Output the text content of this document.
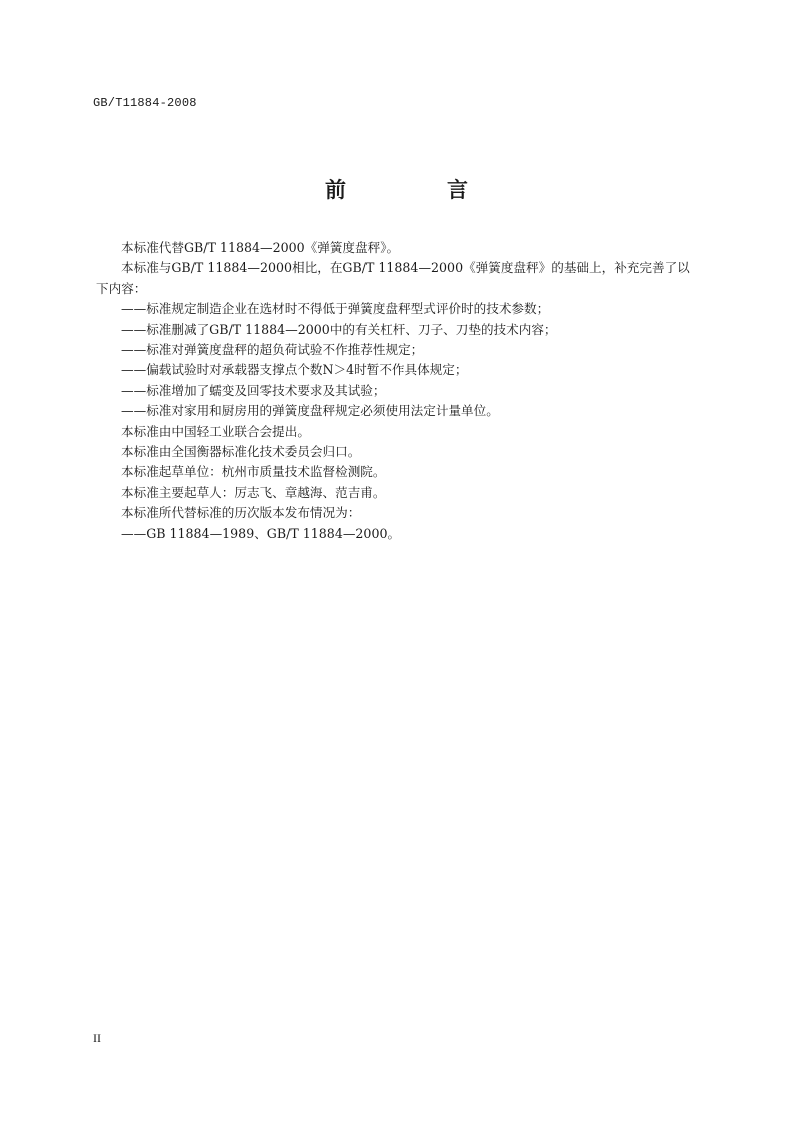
GB/T11884-2008
前　言

本标准代替GB/T 11884—2000《弹簧度盘秤》。

本标准与GB/T 11884—2000相比，在GB/T 11884—2000《弹簧度盘秤》的基础上，补充完善了以

下内容：

——标准规定制造企业在选材时不得低于弹簧度盘秤型式评价时的技术参数；

——标准删减了GB/T 11884—2000中的有关杠杆、刀子、刀垫的技术内容；

——标准对弹簧度盘秤的超负荷试验不作推荐性规定；

——偏载试验时对承载器支撑点个数N＞4时暂不作具体规定；

——标准增加了蠕变及回零技术要求及其试验；

——标准对家用和厨房用的弹簧度盘秤规定必须使用法定计量单位。

本标准由中国轻工业联合会提出。

本标准由全国衡器标准化技术委员会归口。

本标准起草单位：杭州市质量技术监督检测院。

本标准主要起草人：厉志飞、章越海、范吉甫。

本标准所代替标准的历次版本发布情况为：

——GB 11884—1989、GB/T 11884—2000。

II
